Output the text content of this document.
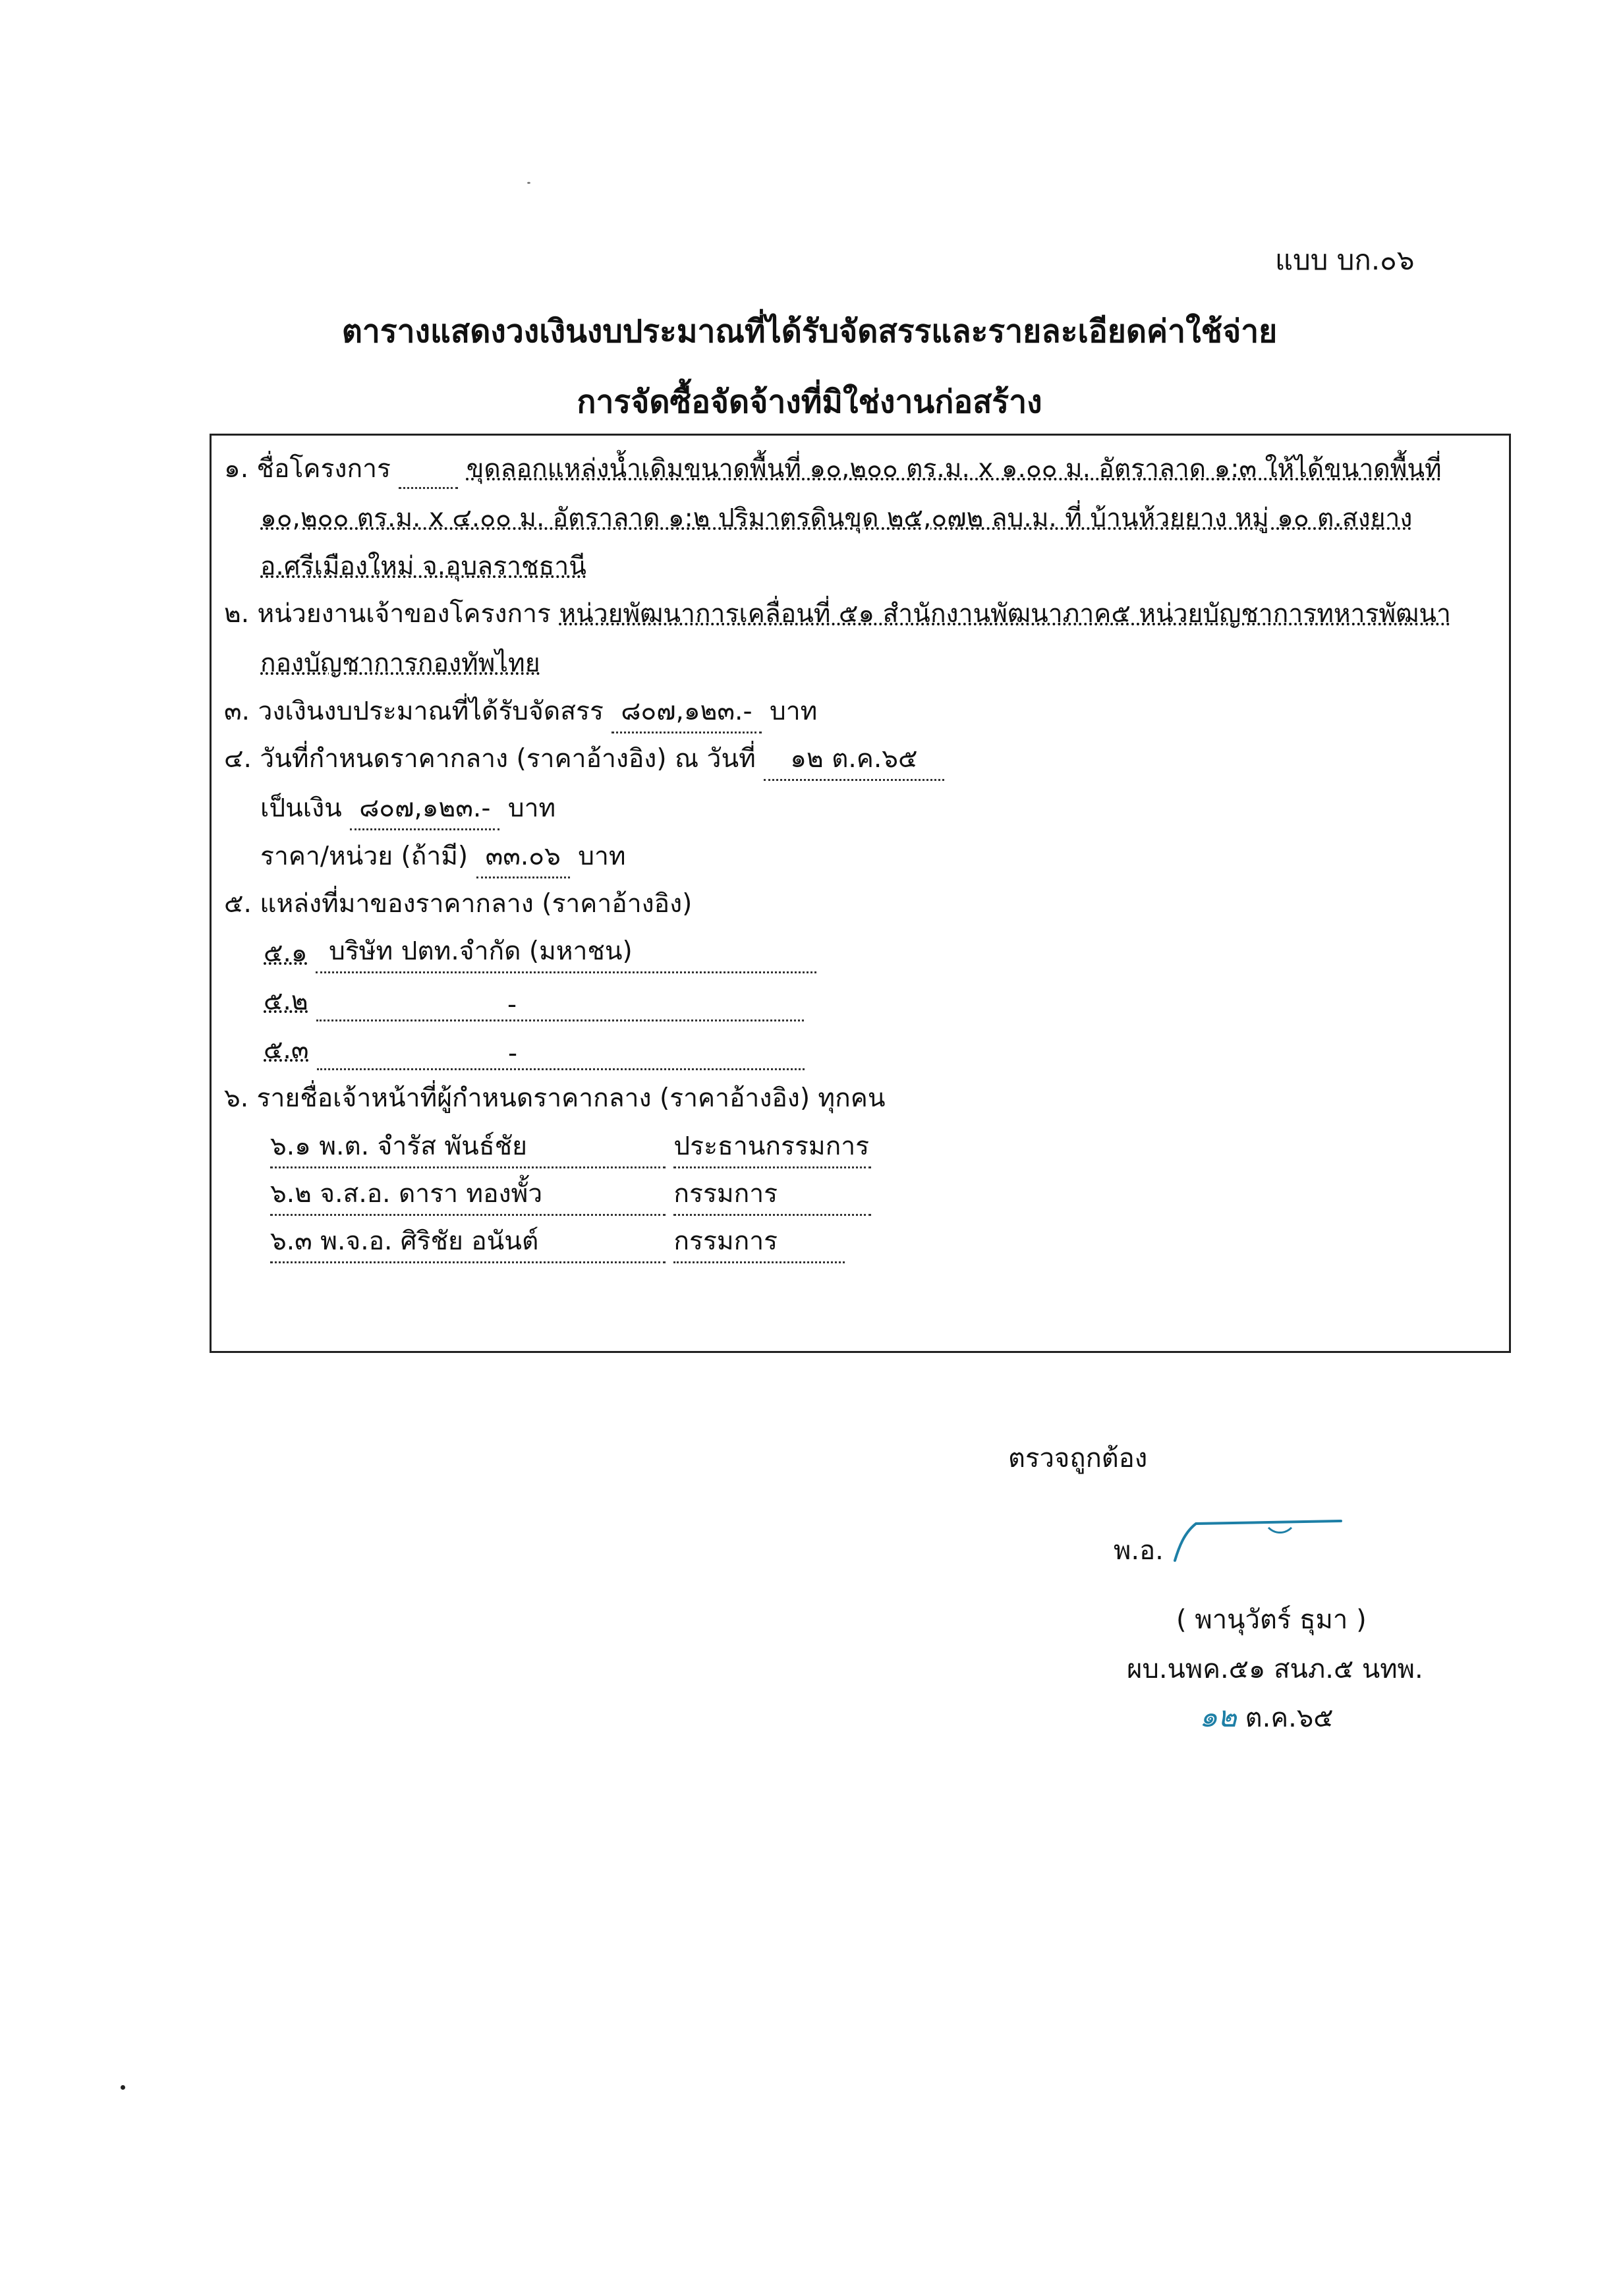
แบบ บก.๐๖
ตารางแสดงวงเงินงบประมาณที่ได้รับจัดสรรและรายละเอียดค่าใช้จ่าย
การจัดซื้อจัดจ้างที่มิใช่งานก่อสร้าง
๑. ชื่อโครงการ	ขุดลอกแหล่งน้ำเดิมขนาดพื้นที่ ๑๐,๒๐๐ ตร.ม. x ๑.๐๐ ม. อัตราลาด ๑:๓ ให้ได้ขนาดพื้นที่
๑๐,๒๐๐ ตร.ม. x ๔.๐๐ ม. อัตราลาด ๑:๒ ปริมาตรดินขุด ๒๕,๐๗๒ ลบ.ม. ที่ บ้านห้วยยาง หมู่ ๑๐ ต.สงยาง
อ.ศรีเมืองใหม่ จ.อุบลราชธานี
๒. หน่วยงานเจ้าของโครงการ หน่วยพัฒนาการเคลื่อนที่ ๕๑ สำนักงานพัฒนาภาค๕ หน่วยบัญชาการทหารพัฒนา
กองบัญชาการกองทัพไทย
๓. วงเงินงบประมาณที่ได้รับจัดสรร ๘๐๗,๑๒๓.- บาท
๔. วันที่กำหนดราคากลาง (ราคาอ้างอิง) ณ วันที่ ๑๒ ต.ค.๖๕
เป็นเงิน ๘๐๗,๑๒๓.- บาท
ราคา/หน่วย (ถ้ามี) ๓๓.๐๖ บาท
๕. แหล่งที่มาของราคากลาง (ราคาอ้างอิง)
๕.๑ บริษัท ปตท.จำกัด (มหาชน)
๕.๒	-
๕.๓	-
๖. รายชื่อเจ้าหน้าที่ผู้กำหนดราคากลาง (ราคาอ้างอิง) ทุกคน
๖.๑ พ.ต. จำรัส พันธ์ชัย	ประธานกรรมการ
๖.๒ จ.ส.อ. ดารา ทองพั้ว	กรรมการ
๖.๓ พ.จ.อ. ศิริชัย อนันต์	กรรมการ
ตรวจถูกต้อง
พ.อ.
( พานุวัตร์ ธุมา )
ผบ.นพค.๕๑ สนภ.๕ นทพ.
๑๒ ต.ค.๖๕
